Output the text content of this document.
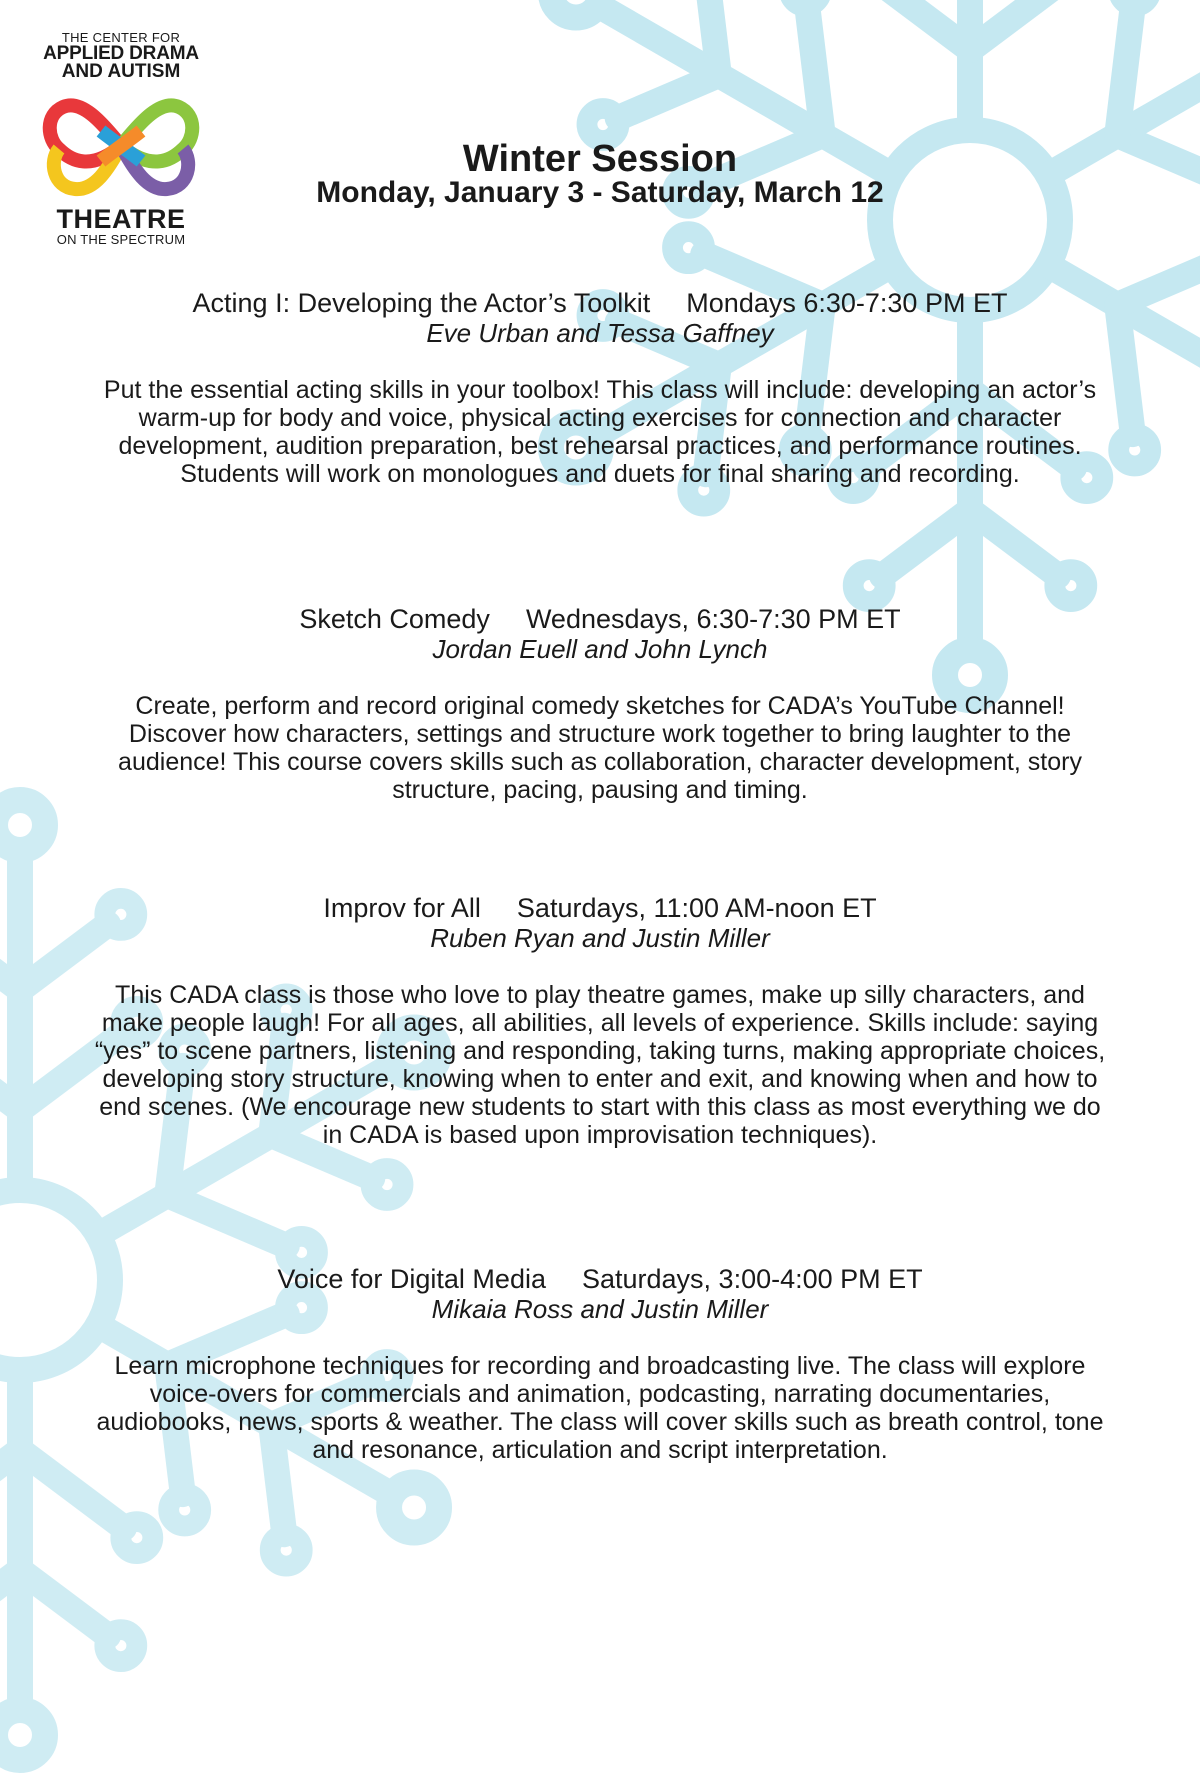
THE CENTER FOR
APPLIED DRAMA
AND AUTISM
THEATRE
ON THE SPECTRUM
Winter Session
Monday, January 3 - Saturday, March 12
Acting I: Developing the Actor’s Toolkit Mondays 6:30-7:30 PM ET
Eve Urban and Tessa Gaffney
Put the essential acting skills in your toolbox! This class will include: developing an actor’s warm-up for body and voice, physical acting exercises for connection and character development, audition preparation, best rehearsal practices, and performance routines. Students will work on monologues and duets for final sharing and recording.
Sketch Comedy Wednesdays, 6:30-7:30 PM ET
Jordan Euell and John Lynch
Create, perform and record original comedy sketches for CADA’s YouTube Channel! Discover how characters, settings and structure work together to bring laughter to the audience! This course covers skills such as collaboration, character development, story structure, pacing, pausing and timing.
Improv for All Saturdays, 11:00 AM-noon ET
Ruben Ryan and Justin Miller
This CADA class is those who love to play theatre games, make up silly characters, and make people laugh! For all ages, all abilities, all levels of experience. Skills include: saying “yes” to scene partners, listening and responding, taking turns, making appropriate choices, developing story structure, knowing when to enter and exit, and knowing when and how to end scenes. (We encourage new students to start with this class as most everything we do in CADA is based upon improvisation techniques).
Voice for Digital Media Saturdays, 3:00-4:00 PM ET
Mikaia Ross and Justin Miller
Learn microphone techniques for recording and broadcasting live. The class will explore voice-overs for commercials and animation, podcasting, narrating documentaries, audiobooks, news, sports & weather. The class will cover skills such as breath control, tone and resonance, articulation and script interpretation.
